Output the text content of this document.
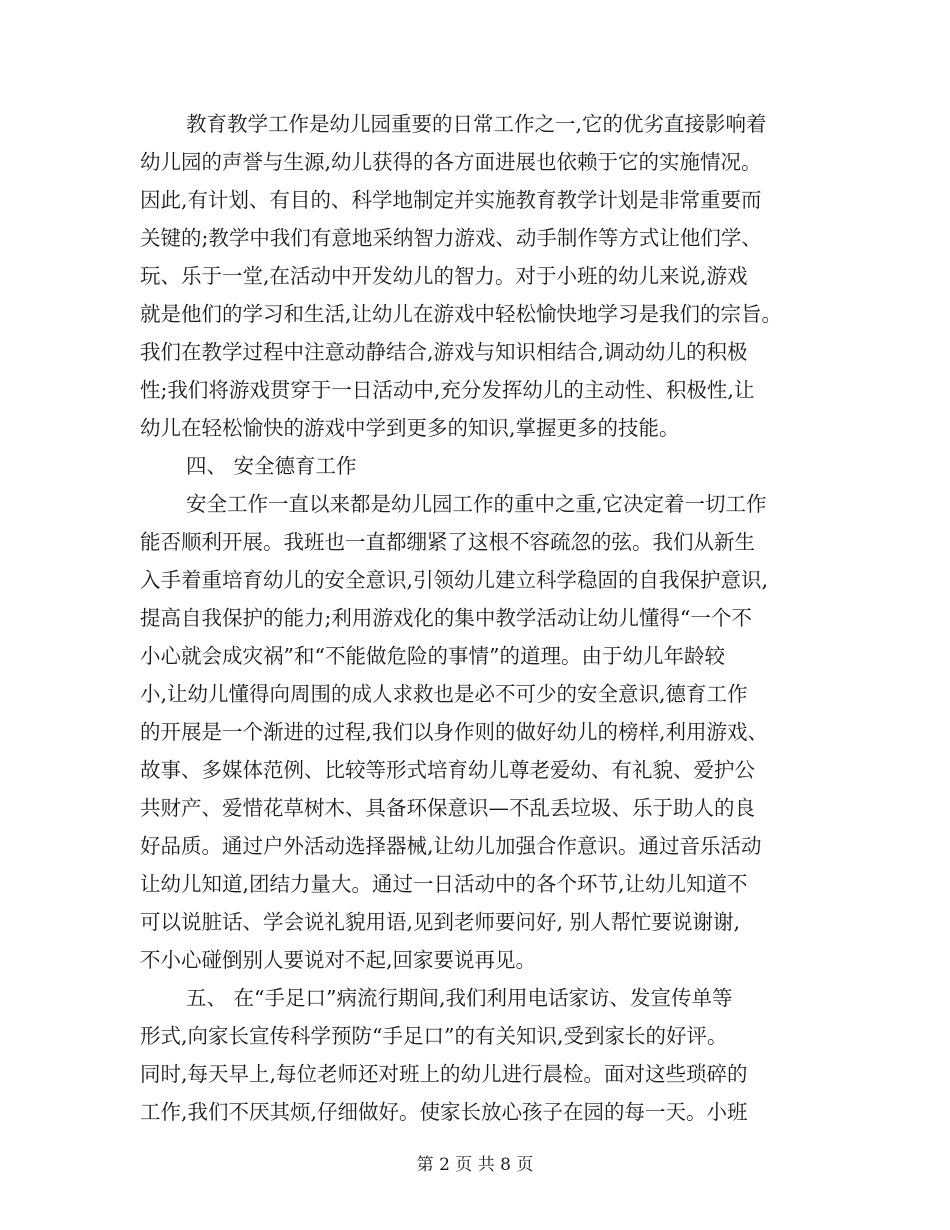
教育教学工作是幼儿园重要的日常工作之一,它的优劣直接影响着
幼儿园的声誉与生源,幼儿获得的各方面进展也依赖于它的实施情况。
因此,有计划、有目的、科学地制定并实施教育教学计划是非常重要而
关键的;教学中我们有意地采纳智力游戏、动手制作等方式让他们学、
玩、乐于一堂,在活动中开发幼儿的智力。对于小班的幼儿来说,游戏
就是他们的学习和生活,让幼儿在游戏中轻松愉快地学习是我们的宗旨。
我们在教学过程中注意动静结合,游戏与知识相结合,调动幼儿的积极
性;我们将游戏贯穿于一日活动中,充分发挥幼儿的主动性、积极性,让
幼儿在轻松愉快的游戏中学到更多的知识,掌握更多的技能。
四、 安全德育工作
安全工作一直以来都是幼儿园工作的重中之重,它决定着一切工作
能否顺利开展。我班也一直都绷紧了这根不容疏忽的弦。我们从新生
入手着重培育幼儿的安全意识,引领幼儿建立科学稳固的自我保护意识,
提高自我保护的能力;利用游戏化的集中教学活动让幼儿懂得“一个不
小心就会成灾祸”和“不能做危险的事情”的道理。由于幼儿年龄较
小,让幼儿懂得向周围的成人求救也是必不可少的安全意识,德育工作
的开展是一个渐进的过程,我们以身作则的做好幼儿的榜样,利用游戏、
故事、多媒体范例、比较等形式培育幼儿尊老爱幼、有礼貌、爱护公
共财产、爱惜花草树木、具备环保意识—不乱丢垃圾、乐于助人的良
好品质。通过户外活动选择器械,让幼儿加强合作意识。通过音乐活动
让幼儿知道,团结力量大。通过一日活动中的各个环节,让幼儿知道不
可以说脏话、学会说礼貌用语,见到老师要问好, 别人帮忙要说谢谢,
不小心碰倒别人要说对不起,回家要说再见。
五、 在“手足口”病流行期间,我们利用电话家访、发宣传单等
形式,向家长宣传科学预防“手足口”的有关知识,受到家长的好评。
同时,每天早上,每位老师还对班上的幼儿进行晨检。面对这些琐碎的
工作,我们不厌其烦,仔细做好。使家长放心孩子在园的每一天。小班
第 2 页 共 8 页
